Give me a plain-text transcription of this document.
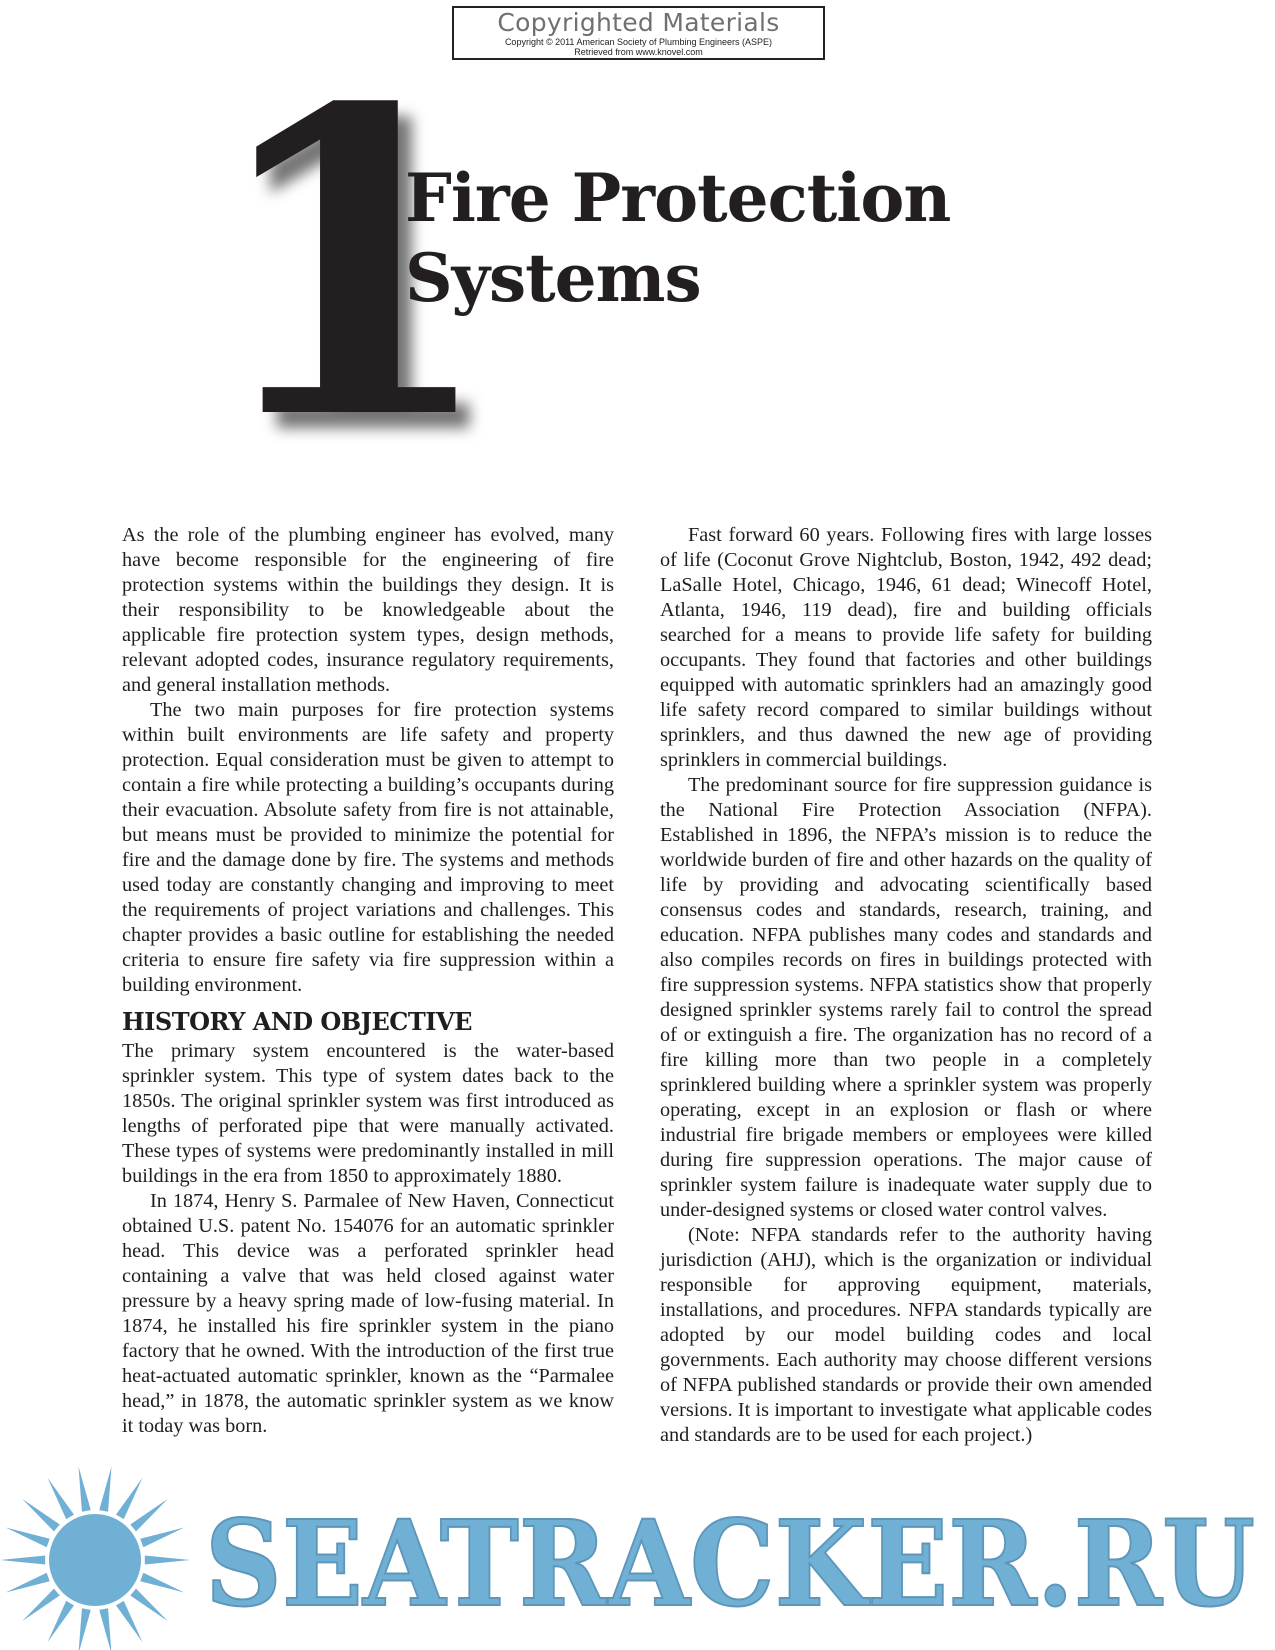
Copyrighted Materials
Copyright © 2011 American Society of Plumbing Engineers (ASPE)
Retrieved from www.knovel.com
1
Fire Protection
Systems

As the role of the plumbing engineer has evolved, many have become responsible for the engineering of fire protection systems within the buildings they design. It is their responsibility to be knowledgeable about the applicable fire protection system types, design methods, relevant adopted codes, insurance regulatory requirements, and general installation methods.

The two main purposes for fire protection systems within built environments are life safety and property protection. Equal consideration must be given to attempt to contain a fire while protecting a building’s occupants during their evacuation. Absolute safety from fire is not attainable, but means must be provided to minimize the potential for fire and the damage done by fire. The systems and methods used today are constantly changing and improving to meet the requirements of project variations and challenges. This chapter provides a basic outline for establishing the needed criteria to ensure fire safety via fire suppression within a building environment.

HISTORY AND OBJECTIVE

The primary system encountered is the water-based sprinkler system. This type of system dates back to the 1850s. The original sprinkler system was first introduced as lengths of perforated pipe that were manually activated. These types of systems were predominantly installed in mill buildings in the era from 1850 to approximately 1880.

In 1874, Henry S. Parmalee of New Haven, Connecticut obtained U.S. patent No. 154076 for an automatic sprinkler head. This device was a perforated sprinkler head containing a valve that was held closed against water pressure by a heavy spring made of low-fusing material. In 1874, he installed his fire sprinkler system in the piano factory that he owned. With the introduction of the first true heat-actuated automatic sprinkler, known as the “Parmalee head,” in 1878, the automatic sprinkler system as we know it today was born.

Fast forward 60 years. Following fires with large losses of life (Coconut Grove Nightclub, Boston, 1942, 492 dead; LaSalle Hotel, Chicago, 1946, 61 dead; Winecoff Hotel, Atlanta, 1946, 119 dead), fire and building officials searched for a means to provide life safety for building occupants. They found that factories and other buildings equipped with automatic sprinklers had an amazingly good life safety record compared to similar buildings without sprinklers, and thus dawned the new age of providing sprinklers in commercial buildings.

The predominant source for fire suppression guidance is the National Fire Protection Association (NFPA). Established in 1896, the NFPA’s mission is to reduce the worldwide burden of fire and other hazards on the quality of life by providing and advocating scientifically based consensus codes and standards, research, training, and education. NFPA publishes many codes and standards and also compiles records on fires in buildings protected with fire suppression systems. NFPA statistics show that properly designed sprinkler systems rarely fail to control the spread of or extinguish a fire. The organization has no record of a fire killing more than two people in a completely sprinklered building where a sprinkler system was properly operating, except in an explosion or flash or where industrial fire brigade members or employees were killed during fire suppression operations. The major cause of sprinkler system failure is inadequate water supply due to under-designed systems or closed water control valves.

(Note: NFPA standards refer to the authority having jurisdiction (AHJ), which is the organization or individual responsible for approving equipment, materials, installations, and procedures. NFPA standards typically are adopted by our model building codes and local governments. Each authority may choose different versions of NFPA published standards or provide their own amended versions. It is important to investigate what applicable codes and standards are to be used for each project.)

SEATRACKER.RU
